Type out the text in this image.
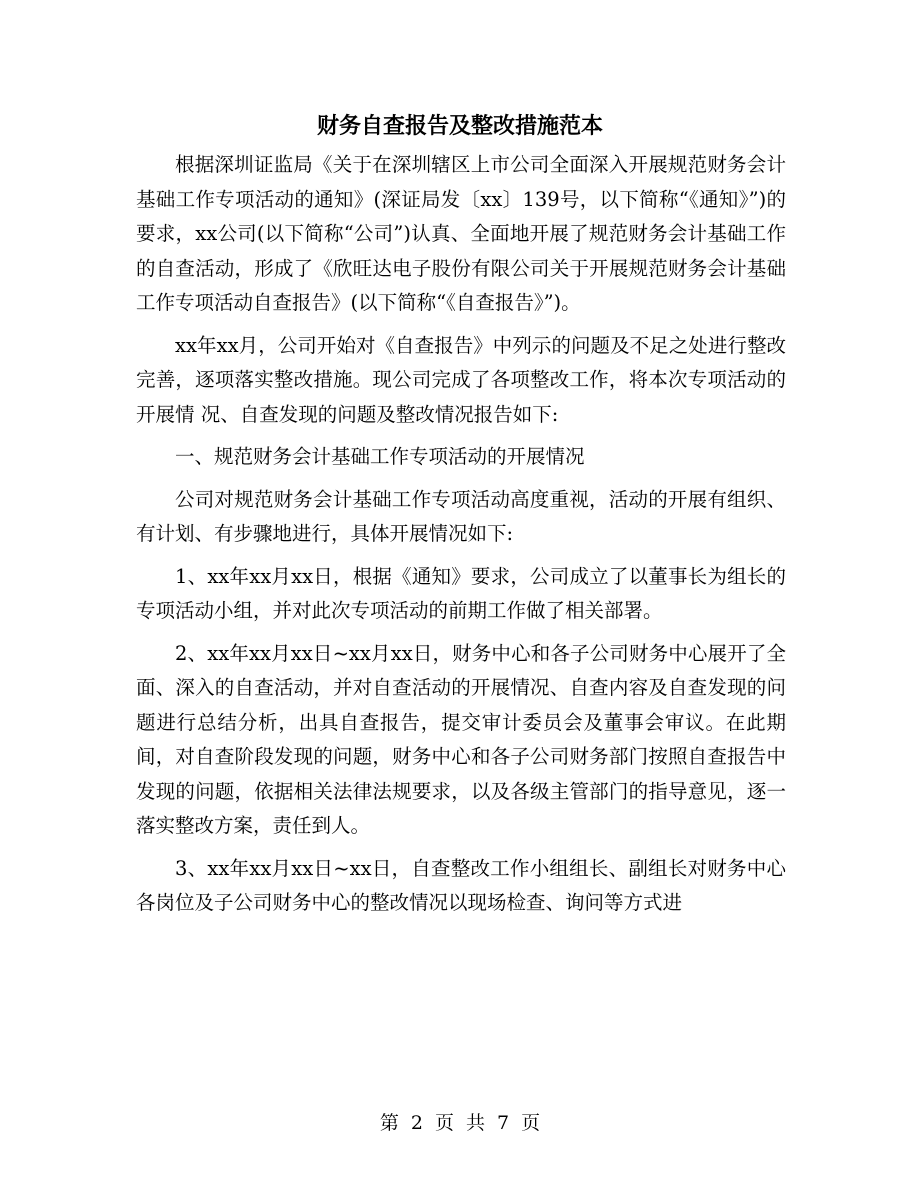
财务自查报告及整改措施范本

根据深圳证监局《关于在深圳辖区上市公司全面深入开展规范财务会计基础工作专项活动的通知》(深证局发〔xx〕139号，以下简称“《通知》”)的要求，xx公司(以下简称“公司”)认真、全面地开展了规范财务会计基础工作的自查活动，形成了《欣旺达电子股份有限公司关于开展规范财务会计基础工作专项活动自查报告》(以下简称“《自查报告》”)。

xx年xx月，公司开始对《自查报告》中列示的问题及不足之处进行整改完善，逐项落实整改措施。现公司完成了各项整改工作，将本次专项活动的开展情 况、自查发现的问题及整改情况报告如下:

一、规范财务会计基础工作专项活动的开展情况

公司对规范财务会计基础工作专项活动高度重视，活动的开展有组织、有计划、有步骤地进行，具体开展情况如下:

1、xx年xx月xx日，根据《通知》要求，公司成立了以董事长为组长的专项活动小组，并对此次专项活动的前期工作做了相关部署。

2、xx年xx月xx日~xx月xx日，财务中心和各子公司财务中心展开了全面、深入的自查活动，并对自查活动的开展情况、自查内容及自查发现的问题进行总结分析，出具自查报告，提交审计委员会及董事会审议。在此期间，对自查阶段发现的问题，财务中心和各子公司财务部门按照自查报告中发现的问题，依据相关法律法规要求，以及各级主管部门的指导意见，逐一落实整改方案，责任到人。

3、xx年xx月xx日~xx日，自查整改工作小组组长、副组长对财务中心各岗位及子公司财务中心的整改情况以现场检查、询问等方式进

第 2 页 共 7 页
